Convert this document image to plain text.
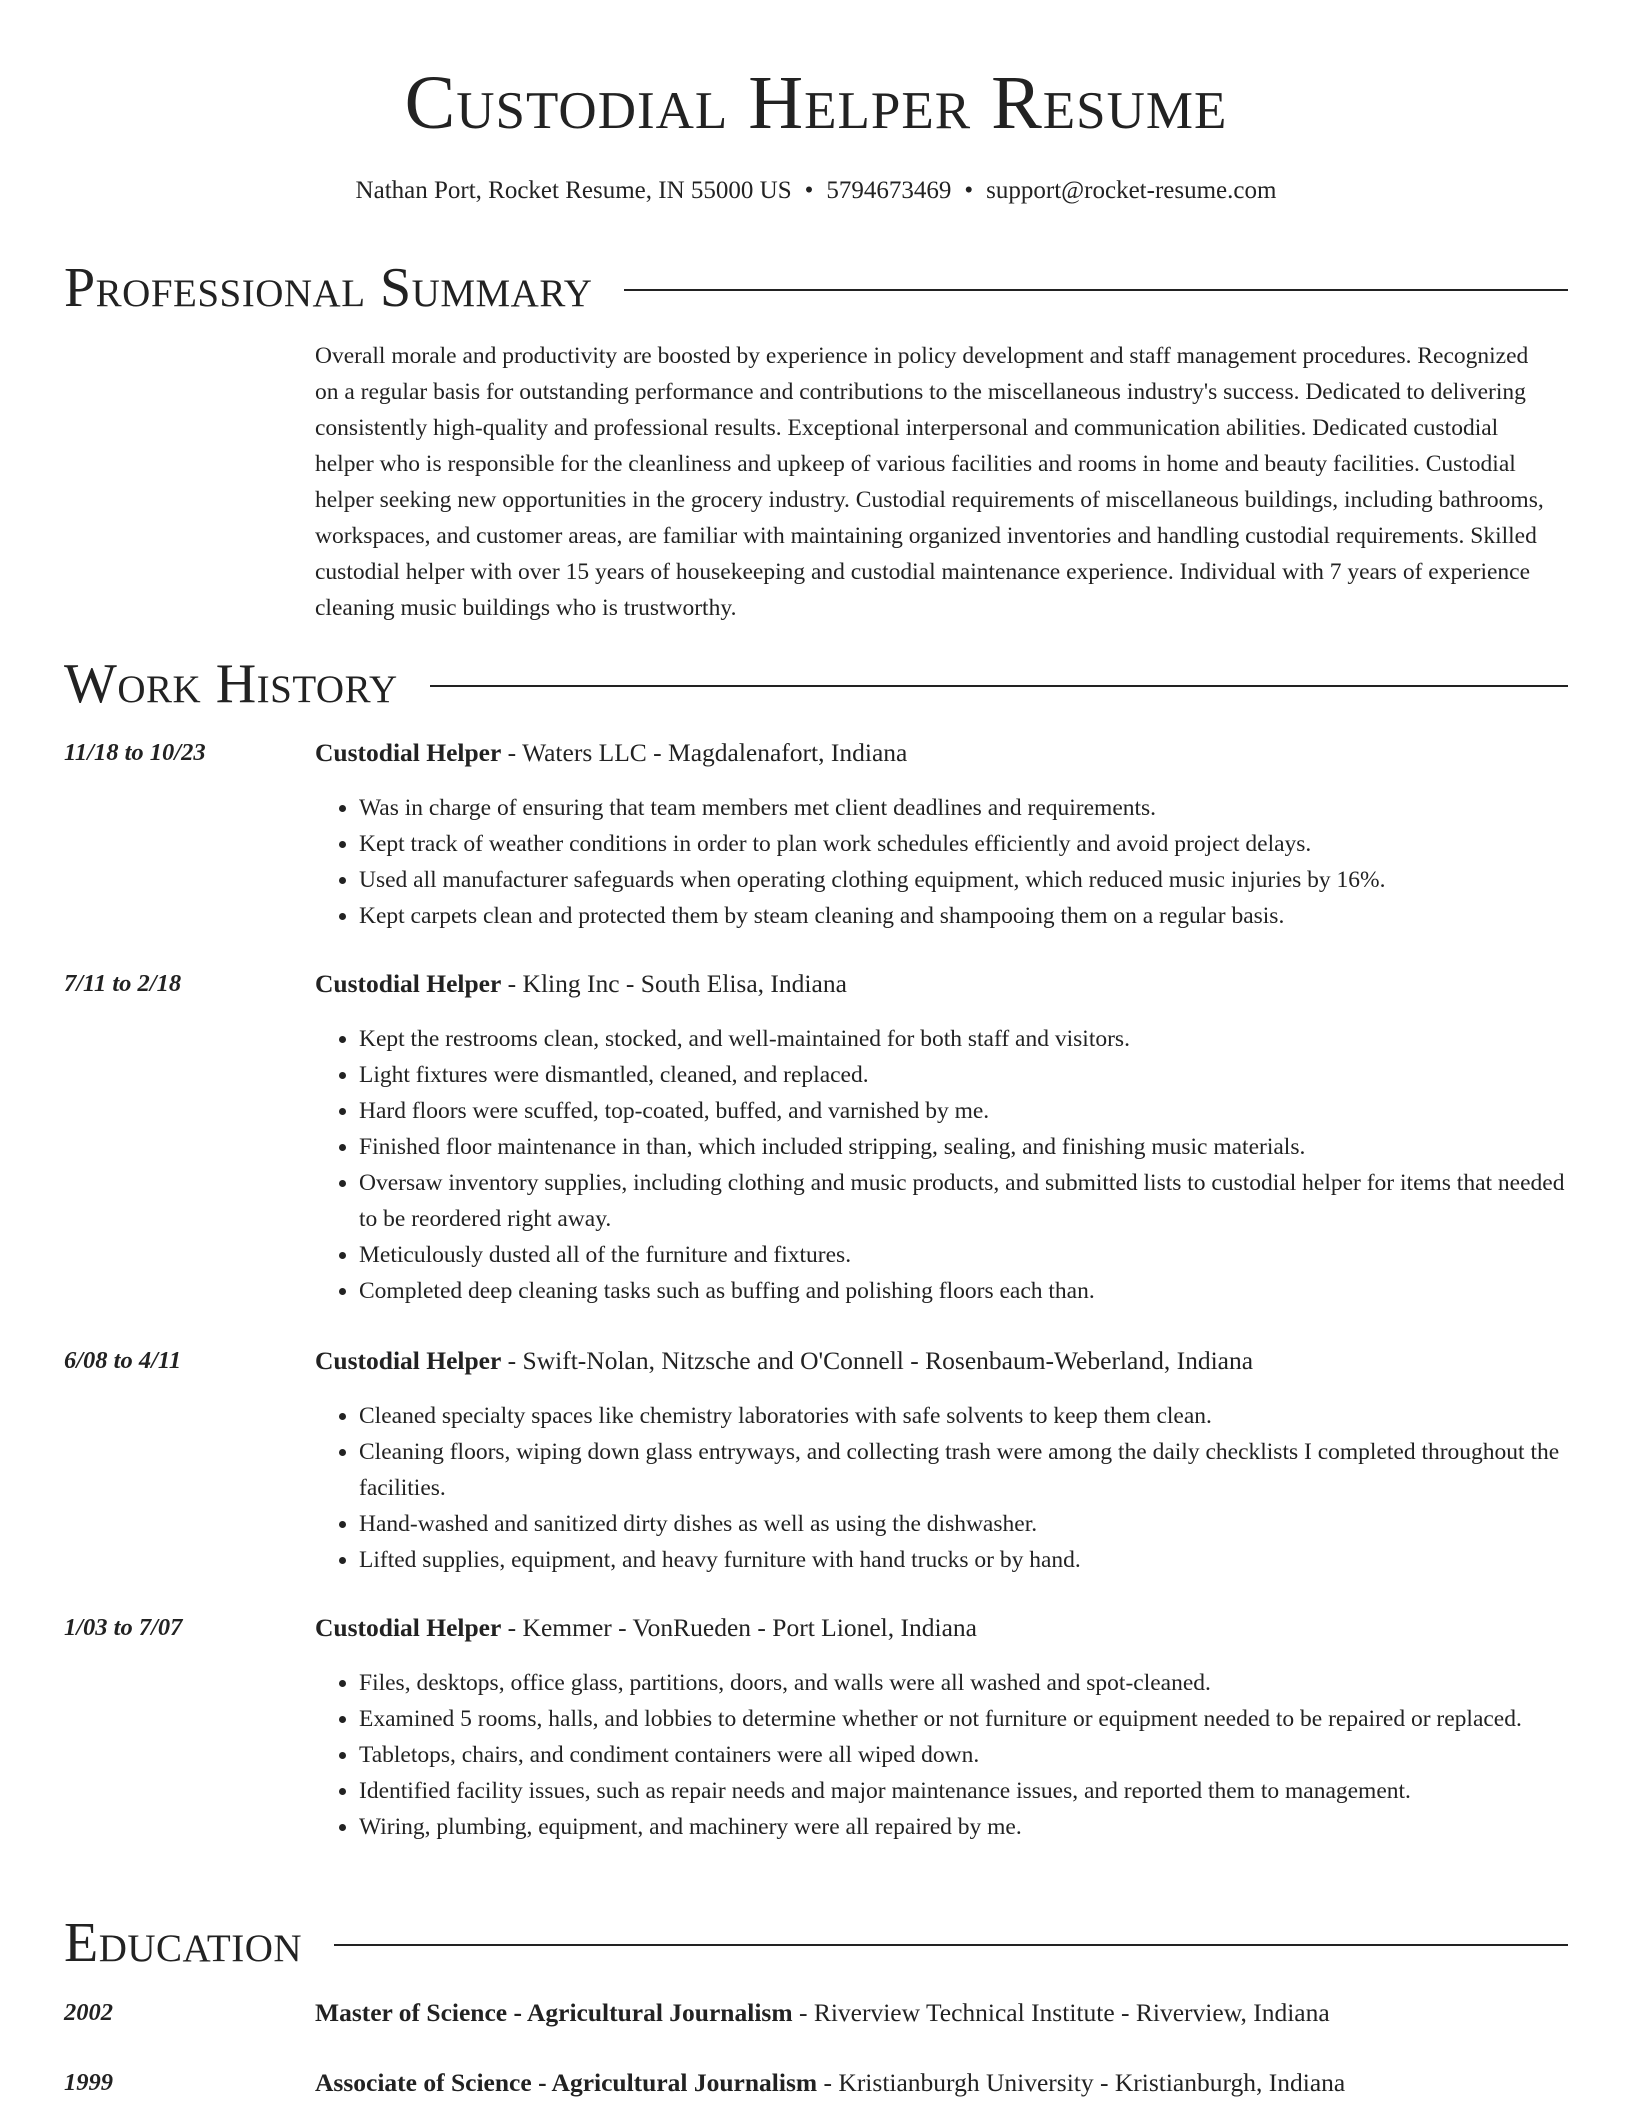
Custodial Helper Resume
Nathan Port, Rocket Resume, IN 55000 US • 5794673469 • support@rocket-resume.com
Professional Summary

Overall morale and productivity are boosted by experience in policy development and staff management procedures. Recognized on a regular basis for outstanding performance and contributions to the miscellaneous industry's success. Dedicated to delivering consistently high-quality and professional results. Exceptional interpersonal and communication abilities. Dedicated custodial helper who is responsible for the cleanliness and upkeep of various facilities and rooms in home and beauty facilities. Custodial helper seeking new opportunities in the grocery industry. Custodial requirements of miscellaneous buildings, including bathrooms, workspaces, and customer areas, are familiar with maintaining organized inventories and handling custodial requirements. Skilled custodial helper with over 15 years of housekeeping and custodial maintenance experience. Individual with 7 years of experience cleaning music buildings who is trustworthy.

Work History
11/18 to 10/23	Custodial Helper - Waters LLC - Magdalenafort, Indiana
• Was in charge of ensuring that team members met client deadlines and requirements.
• Kept track of weather conditions in order to plan work schedules efficiently and avoid project delays.
• Used all manufacturer safeguards when operating clothing equipment, which reduced music injuries by 16%.
• Kept carpets clean and protected them by steam cleaning and shampooing them on a regular basis.
7/11 to 2/18	Custodial Helper - Kling Inc - South Elisa, Indiana
• Kept the restrooms clean, stocked, and well-maintained for both staff and visitors.
• Light fixtures were dismantled, cleaned, and replaced.
• Hard floors were scuffed, top-coated, buffed, and varnished by me.
• Finished floor maintenance in than, which included stripping, sealing, and finishing music materials.
• Oversaw inventory supplies, including clothing and music products, and submitted lists to custodial helper for items that needed to be reordered right away.
• Meticulously dusted all of the furniture and fixtures.
• Completed deep cleaning tasks such as buffing and polishing floors each than.
6/08 to 4/11	Custodial Helper - Swift-Nolan, Nitzsche and O'Connell - Rosenbaum-Weberland, Indiana
• Cleaned specialty spaces like chemistry laboratories with safe solvents to keep them clean.
• Cleaning floors, wiping down glass entryways, and collecting trash were among the daily checklists I completed throughout the facilities.
• Hand-washed and sanitized dirty dishes as well as using the dishwasher.
• Lifted supplies, equipment, and heavy furniture with hand trucks or by hand.
1/03 to 7/07	Custodial Helper - Kemmer - VonRueden - Port Lionel, Indiana
• Files, desktops, office glass, partitions, doors, and walls were all washed and spot-cleaned.
• Examined 5 rooms, halls, and lobbies to determine whether or not furniture or equipment needed to be repaired or replaced.
• Tabletops, chairs, and condiment containers were all wiped down.
• Identified facility issues, such as repair needs and major maintenance issues, and reported them to management.
• Wiring, plumbing, equipment, and machinery were all repaired by me.
Education
2002	Master of Science - Agricultural Journalism - Riverview Technical Institute - Riverview, Indiana
1999	Associate of Science - Agricultural Journalism - Kristianburgh University - Kristianburgh, Indiana
